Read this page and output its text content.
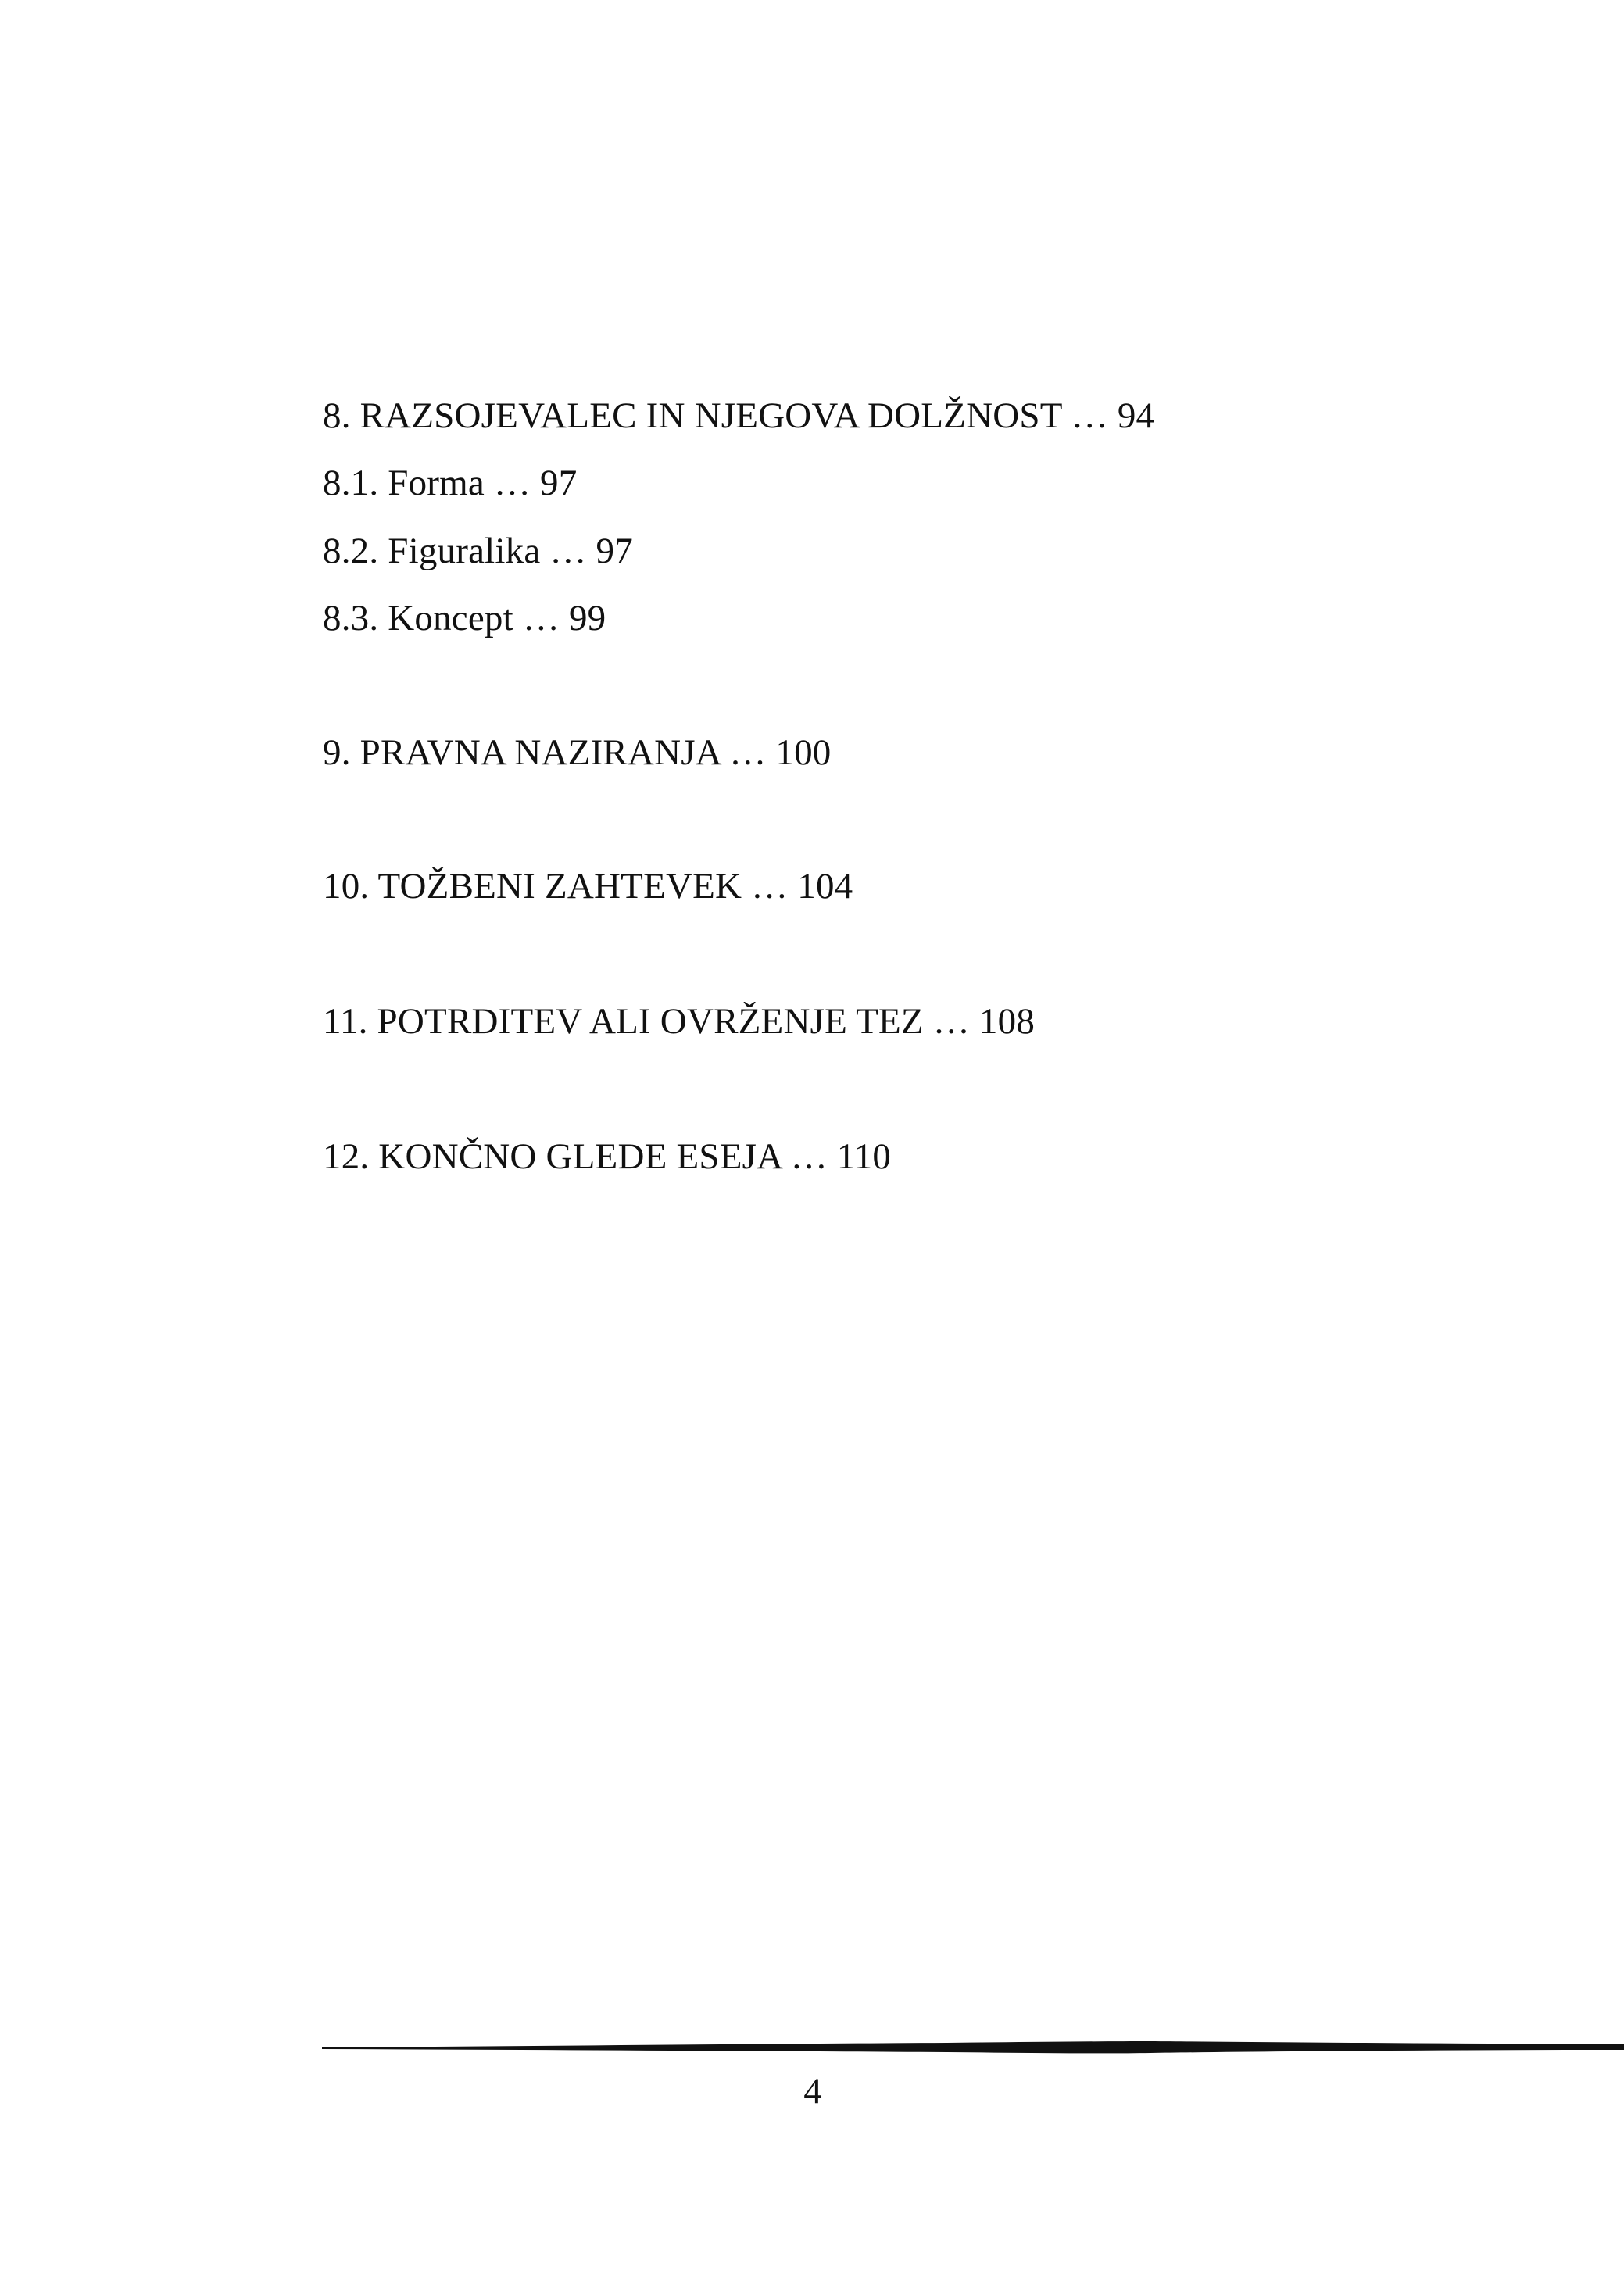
8. RAZSOJEVALEC IN NJEGOVA DOLŽNOST … 94
8.1. Forma … 97
8.2. Figuralika … 97
8.3. Koncept … 99
9. PRAVNA NAZIRANJA … 100
10. TOŽBENI ZAHTEVEK … 104
11. POTRDITEV ALI OVRŽENJE TEZ … 108
12. KONČNO GLEDE ESEJA … 110
4
